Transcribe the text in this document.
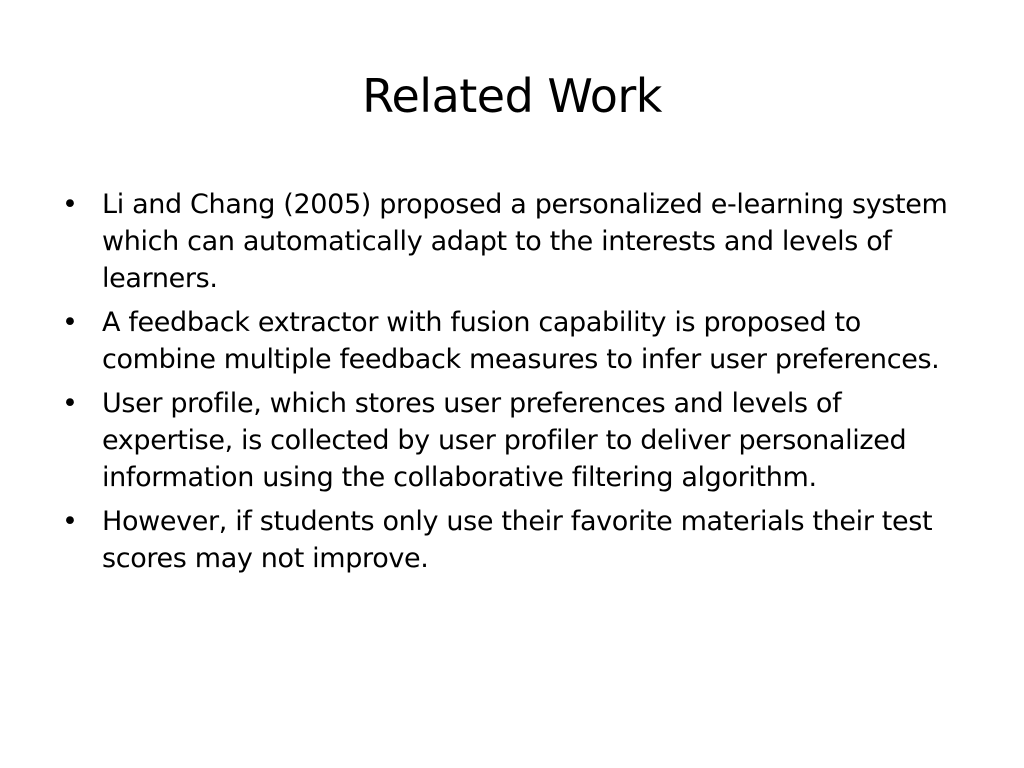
Related Work
• Li and Chang (2005) proposed a personalized e-learning system which can automatically adapt to the interests and levels of learners.
• A feedback extractor with fusion capability is proposed to combine multiple feedback measures to infer user preferences.
• User profile, which stores user preferences and levels of expertise, is collected by user profiler to deliver personalized information using the collaborative filtering algorithm.
• However, if students only use their favorite materials their test scores may not improve.
